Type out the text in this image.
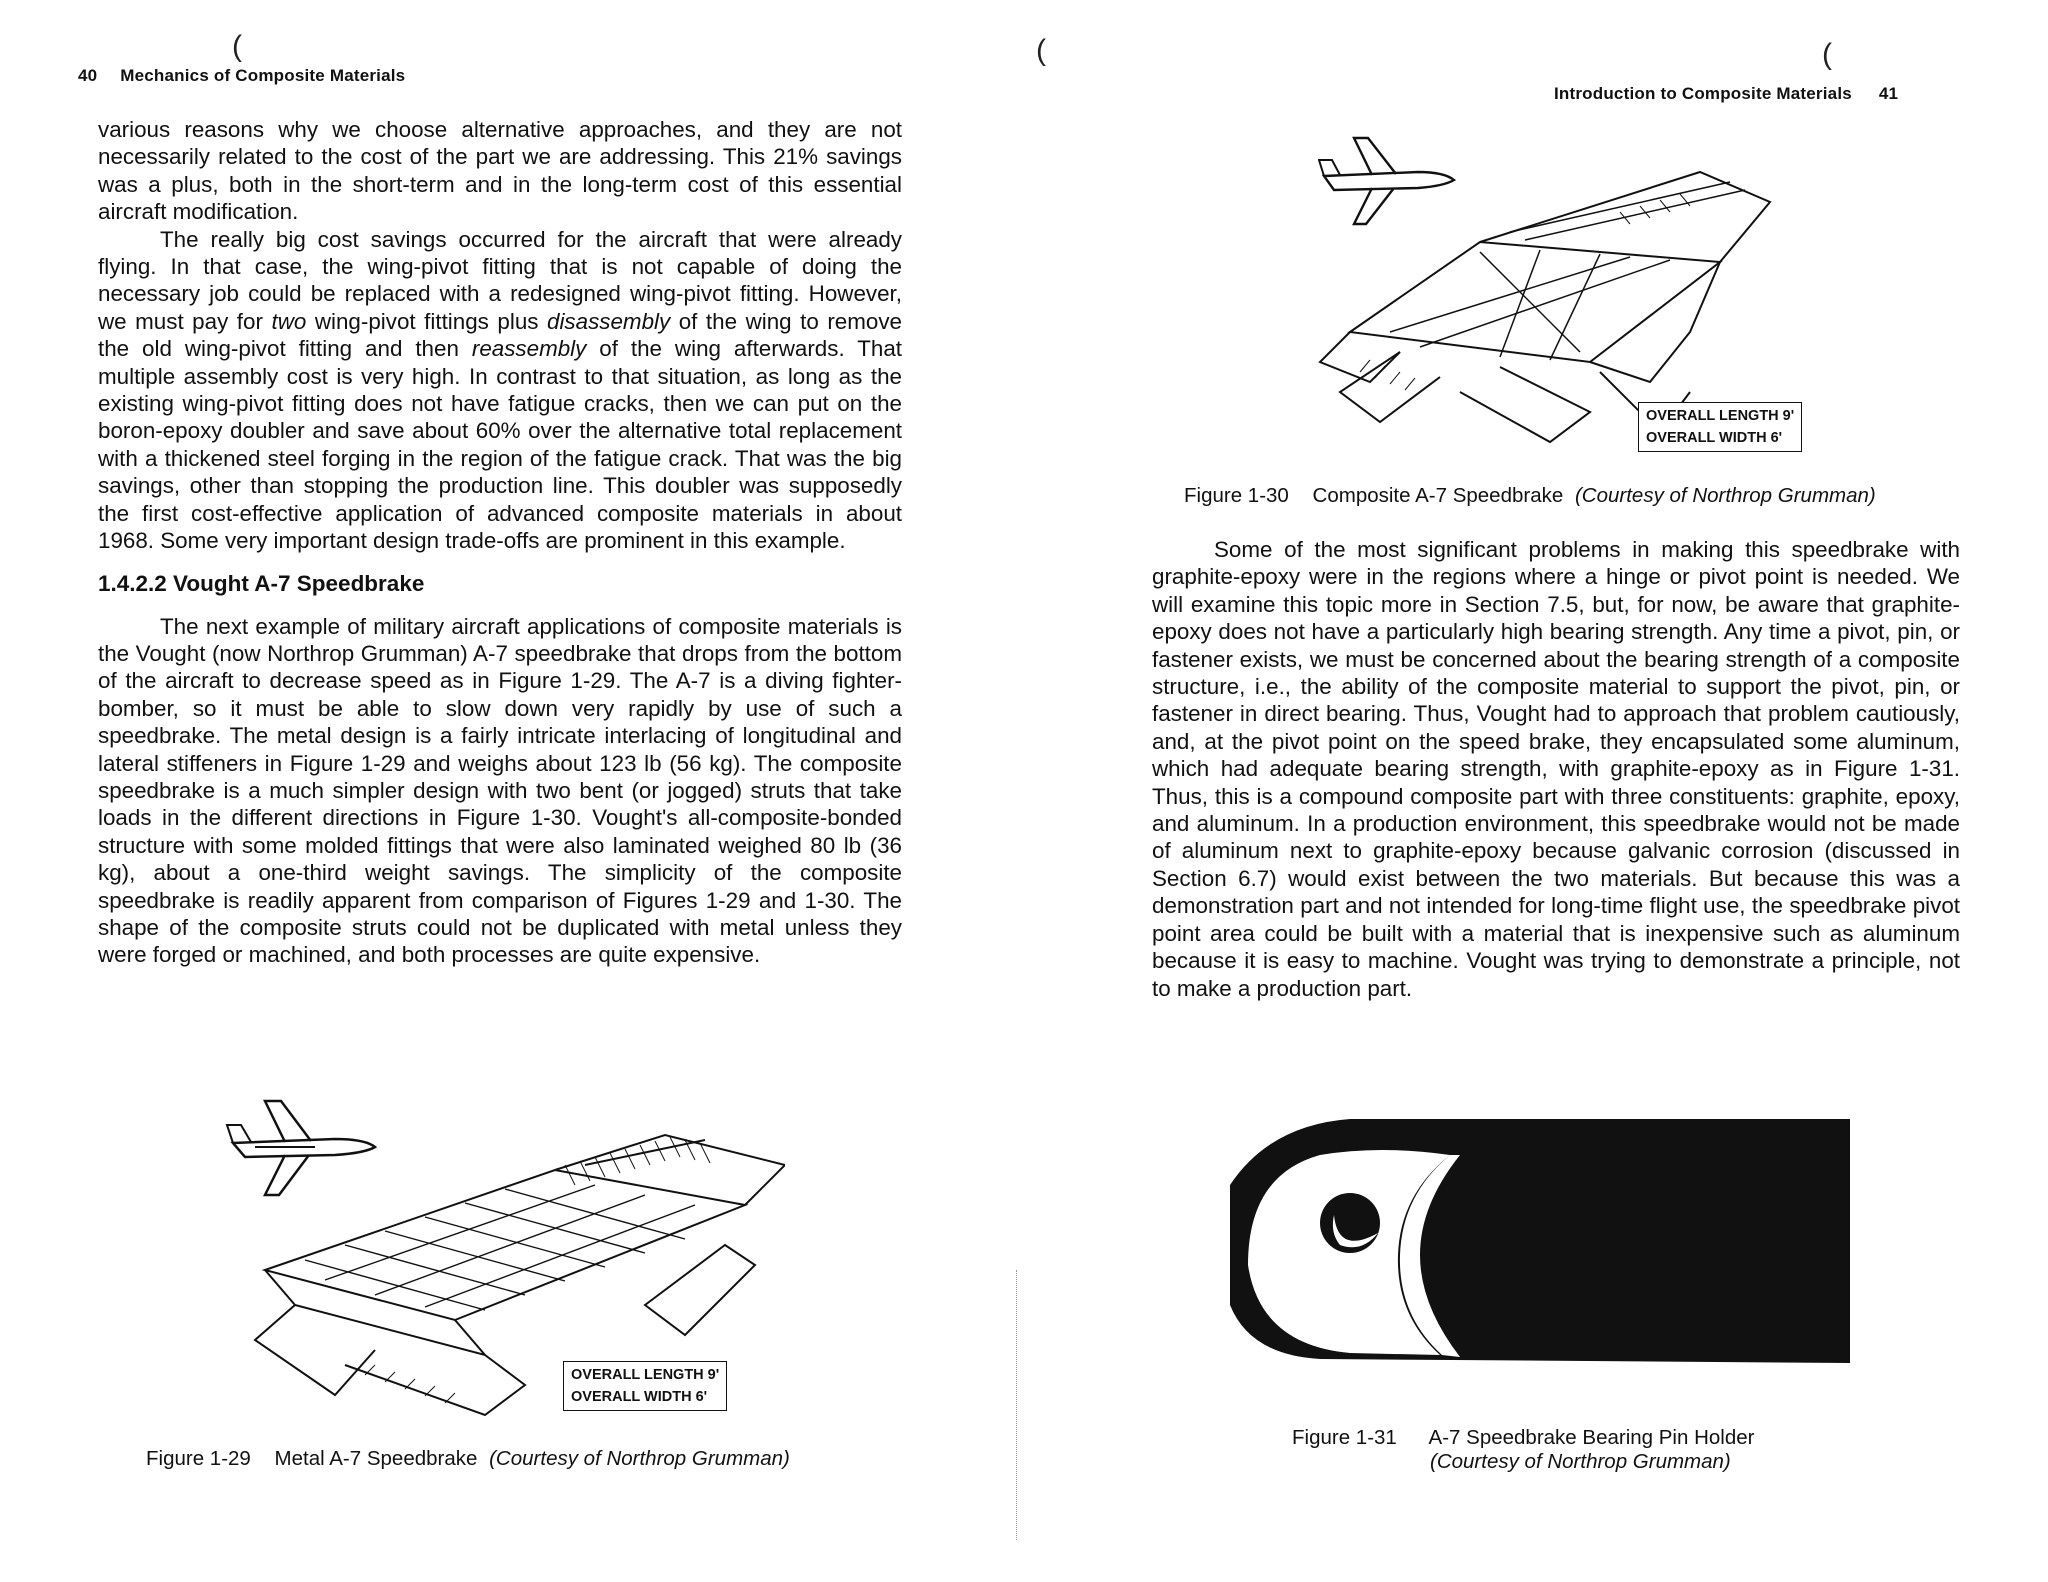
40 Mechanics of Composite Materials
(

various reasons why we choose alternative approaches, and they are not necessarily related to the cost of the part we are addressing. This 21% savings was a plus, both in the short-term and in the long-term cost of this essential aircraft modification.

The really big cost savings occurred for the aircraft that were already flying. In that case, the wing-pivot fitting that is not capable of doing the necessary job could be replaced with a redesigned wing-pivot fitting. However, we must pay for two wing-pivot fittings plus disassembly of the wing to remove the old wing-pivot fitting and then reassembly of the wing afterwards. That multiple assembly cost is very high. In contrast to that situation, as long as the existing wing-pivot fitting does not have fatigue cracks, then we can put on the boron-epoxy doubler and save about 60% over the alternative total replacement with a thickened steel forging in the region of the fatigue crack. That was the big savings, other than stopping the production line. This doubler was supposedly the first cost-effective application of advanced composite materials in about 1968. Some very important design trade-offs are prominent in this example.

1.4.2.2 Vought A-7 Speedbrake

The next example of military aircraft applications of composite materials is the Vought (now Northrop Grumman) A-7 speedbrake that drops from the bottom of the aircraft to decrease speed as in Figure 1-29. The A-7 is a diving fighter-bomber, so it must be able to slow down very rapidly by use of such a speedbrake. The metal design is a fairly intricate interlacing of longitudinal and lateral stiffeners in Figure 1-29 and weighs about 123 lb (56 kg). The composite speedbrake is a much simpler design with two bent (or jogged) struts that take loads in the different directions in Figure 1-30. Vought's all-composite-bonded structure with some molded fittings that were also laminated weighed 80 lb (36 kg), about a one-third weight savings. The simplicity of the composite speedbrake is readily apparent from comparison of Figures 1-29 and 1-30. The shape of the composite struts could not be duplicated with metal unless they were forged or machined, and both processes are quite expensive.

OVERALL LENGTH 9'
OVERALL WIDTH 6'
Figure 1-29 Metal A-7 Speedbrake (Courtesy of Northrop Grumman)
(	(
Introduction to Composite Materials 41
OVERALL LENGTH 9'
OVERALL WIDTH 6'
Figure 1-30 Composite A-7 Speedbrake (Courtesy of Northrop Grumman)

Some of the most significant problems in making this speedbrake with graphite-epoxy were in the regions where a hinge or pivot point is needed. We will examine this topic more in Section 7.5, but, for now, be aware that graphite-epoxy does not have a particularly high bearing strength. Any time a pivot, pin, or fastener exists, we must be concerned about the bearing strength of a composite structure, i.e., the ability of the composite material to support the pivot, pin, or fastener in direct bearing. Thus, Vought had to approach that problem cautiously, and, at the pivot point on the speed brake, they encapsulated some aluminum, which had adequate bearing strength, with graphite-epoxy as in Figure 1-31. Thus, this is a compound composite part with three constituents: graphite, epoxy, and aluminum. In a production environment, this speedbrake would not be made of aluminum next to graphite-epoxy because galvanic corrosion (discussed in Section 6.7) would exist between the two materials. But because this was a demonstration part and not intended for long-time flight use, the speedbrake pivot point area could be built with a material that is inexpensive such as aluminum because it is easy to machine. Vought was trying to demonstrate a principle, not to make a production part.

Figure 1-31 A-7 Speedbrake Bearing Pin Holder
(Courtesy of Northrop Grumman)
